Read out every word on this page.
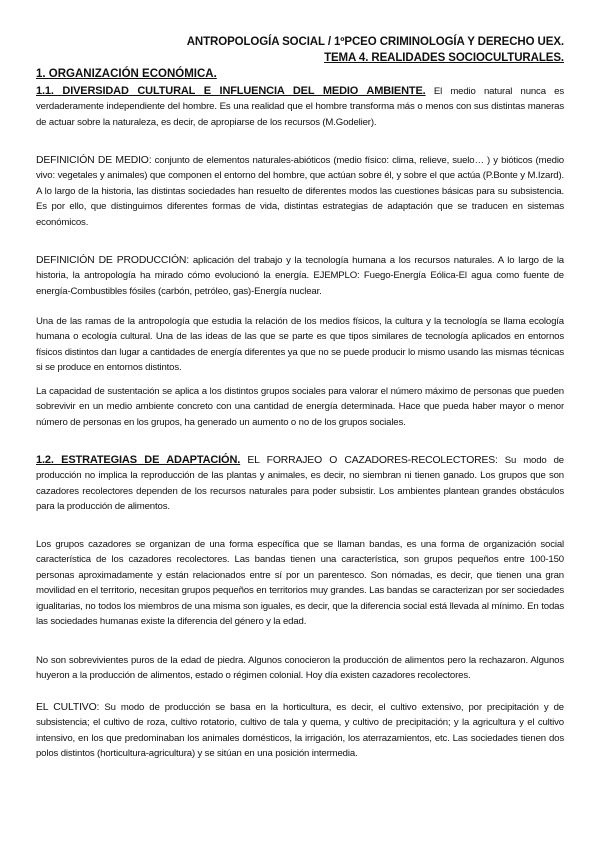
ANTROPOLOGÍA SOCIAL / 1ºPCEO CRIMINOLOGÍA Y DERECHO UEX.
TEMA 4. REALIDADES SOCIOCULTURALES.
1. ORGANIZACIÓN ECONÓMICA.
1.1. DIVERSIDAD CULTURAL E INFLUENCIA DEL MEDIO AMBIENTE. El medio natural nunca es verdaderamente independiente del hombre. Es una realidad que el hombre transforma más o menos con sus distintas maneras de actuar sobre la naturaleza, es decir, de apropiarse de los recursos (M.Godelier).
DEFINICIÓN DE MEDIO: conjunto de elementos naturales-abióticos (medio físico: clima, relieve, suelo… ) y bióticos (medio vivo: vegetales y animales) que componen el entorno del hombre, que actúan sobre él, y sobre el que actúa (P.Bonte y M.Izard). A lo largo de la historia, las distintas sociedades han resuelto de diferentes modos las cuestiones básicas para su subsistencia. Es por ello, que distinguimos diferentes formas de vida, distintas estrategias de adaptación que se traducen en sistemas económicos.
DEFINICIÓN DE PRODUCCIÓN: aplicación del trabajo y la tecnología humana a los recursos naturales. A lo largo de la historia, la antropología ha mirado cómo evolucionó la energía. EJEMPLO: Fuego-Energía Eólica-El agua como fuente de energía-Combustibles fósiles (carbón, petróleo, gas)-Energía nuclear.
Una de las ramas de la antropología que estudia la relación de los medios físicos, la cultura y la tecnología se llama ecología humana o ecología cultural. Una de las ideas de las que se parte es que tipos similares de tecnología aplicados en entornos físicos distintos dan lugar a cantidades de energía diferentes ya que no se puede producir lo mismo usando las mismas técnicas si se produce en entornos distintos.
La capacidad de sustentación se aplica a los distintos grupos sociales para valorar el número máximo de personas que pueden sobrevivir en un medio ambiente concreto con una cantidad de energía determinada. Hace que pueda haber mayor o menor número de personas en los grupos, ha generado un aumento o no de los grupos sociales.
1.2. ESTRATEGIAS DE ADAPTACIÓN. EL FORRAJEO O CAZADORES-RECOLECTORES: Su modo de producción no implica la reproducción de las plantas y animales, es decir, no siembran ni tienen ganado. Los grupos que son cazadores recolectores dependen de los recursos naturales para poder subsistir. Los ambientes plantean grandes obstáculos para la producción de alimentos.
Los grupos cazadores se organizan de una forma específica que se llaman bandas, es una forma de organización social característica de los cazadores recolectores. Las bandas tienen una característica, son grupos pequeños entre 100-150 personas aproximadamente y están relacionados entre sí por un parentesco. Son nómadas, es decir, que tienen una gran movilidad en el territorio, necesitan grupos pequeños en territorios muy grandes. Las bandas se caracterizan por ser sociedades igualitarias, no todos los miembros de una misma son iguales, es decir, que la diferencia social está llevada al mínimo. En todas las sociedades humanas existe la diferencia del género y la edad.
No son sobrevivientes puros de la edad de piedra. Algunos conocieron la producción de alimentos pero la rechazaron. Algunos huyeron a la producción de alimentos, estado o régimen colonial. Hoy día existen cazadores recolectores.
EL CULTIVO: Su modo de producción se basa en la horticultura, es decir, el cultivo extensivo, por precipitación y de subsistencia; el cultivo de roza, cultivo rotatorio, cultivo de tala y quema, y cultivo de precipitación; y la agricultura y el cultivo intensivo, en los que predominaban los animales domésticos, la irrigación, los aterrazamientos, etc. Las sociedades tienen dos polos distintos (horticultura-agricultura) y se sitúan en una posición intermedia.
